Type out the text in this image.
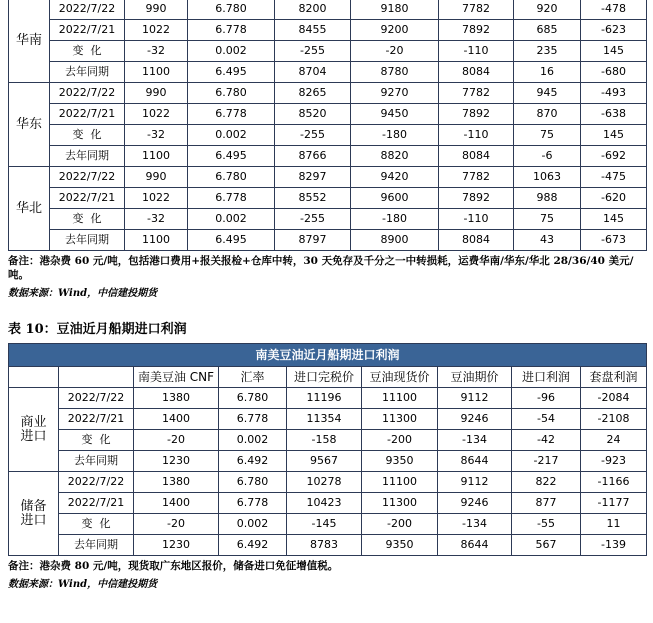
华南	2022/7/22	990	6.780	8200	9180	7782	920	-478
	2022/7/21	1022	6.778	8455	9200	7892	685	-623
	变  化	-32	0.002	-255	-20	-110	235	145
	去年同期	1100	6.495	8704	8780	8084	16	-680
华东	2022/7/22	990	6.780	8265	9270	7782	945	-493
	2022/7/21	1022	6.778	8520	9450	7892	870	-638
	变  化	-32	0.002	-255	-180	-110	75	145
	去年同期	1100	6.495	8766	8820	8084	-6	-692
华北	2022/7/22	990	6.780	8297	9420	7782	1063	-475
	2022/7/21	1022	6.778	8552	9600	7892	988	-620
	变  化	-32	0.002	-255	-180	-110	75	145
	去年同期	1100	6.495	8797	8900	8084	43	-673
备注：港杂费 60 元/吨，包括港口费用+报关报检+仓库中转，30 天免存及千分之一中转损耗，运费华南/华东/华北 28/36/40 美元/吨。
数据来源：Wind，中信建投期货
表 10：豆油近月船期进口利润
南美豆油近月船期进口利润								
		南美豆油 CNF	汇率	进口完税价	豆油现货价	豆油期价	进口利润	套盘利润
商业
进口	2022/7/22	1380	6.780	11196	11100	9112	-96	-2084
	2022/7/21	1400	6.778	11354	11300	9246	-54	-2108
	变  化	-20	0.002	-158	-200	-134	-42	24
	去年同期	1230	6.492	9567	9350	8644	-217	-923
储备
进口	2022/7/22	1380	6.780	10278	11100	9112	822	-1166
	2022/7/21	1400	6.778	10423	11300	9246	877	-1177
	变  化	-20	0.002	-145	-200	-134	-55	11
	去年同期	1230	6.492	8783	9350	8644	567	-139
备注：港杂费 80 元/吨，现货取广东地区报价，储备进口免征增值税。
数据来源：Wind，中信建投期货
